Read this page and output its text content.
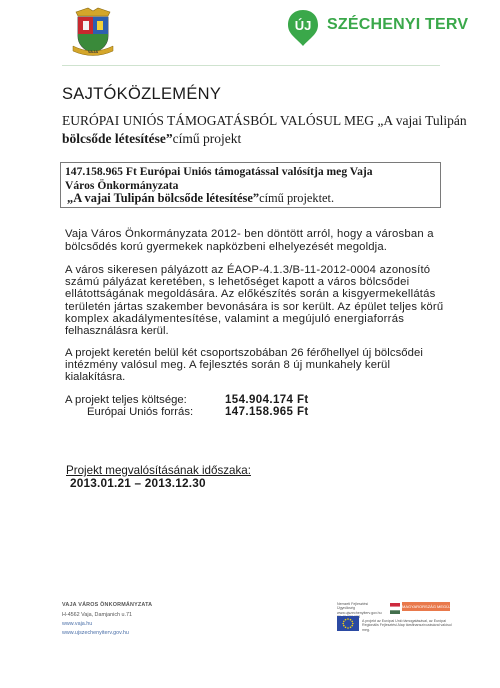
VAJA
ÚJ SZÉCHENYI TERV
SAJTÓKÖZLEMÉNY
EURÓPAI UNIÓS TÁMOGATÁSBÓL VALÓSUL MEG „A vajai Tulipán
bölcsőde létesítése”című projekt
147.158.965 Ft Európai Uniós támogatással valósítja meg Vaja
Város Önkormányzata
„A vajai Tulipán bölcsőde létesítése”című projektet.
Vaja Város Önkormányzata 2012- ben döntött arról, hogy a városban a
bölcsődés korú gyermekek napközbeni elhelyezését megoldja.
A város sikeresen pályázott az ÉAOP-4.1.3/B-11-2012-0004 azonosító
számú pályázat keretében, s lehetőséget kapott a város bölcsődei
ellátottságának megoldására. Az előkészítés során a kisgyermekellátás
területén jártas szakember bevonására is sor került. Az épület teljes körű
komplex akadálymentesítése, valamint a megújuló energiaforrás
felhasználásra kerül.
A projekt keretén belül két csoportszobában 26 férőhellyel új bölcsődei
intézmény valósul meg. A fejlesztés során 8 új munkahely kerül
kialakításra.
A projekt teljes költsége:	154.904.174 Ft
Európai Uniós forrás:	147.158.965 Ft
Projekt megvalósításának időszaka:
2013.01.21 – 2013.12.30
VAJA VÁROS ÖNKORMÁNYZATA
H-4562 Vaja, Damjanich u.71
www.vaja.hu
www.ujszechenyiterv.gov.hu
Nemzeti Fejlesztési Ügynökség www.ujszechenyiterv.gov.hu
MAGYARORSZÁG MEGÚJUL
A projekt az Európai Unió támogatásával, az Európai Regionális Fejlesztési Alap társfinanszírozásával valósul meg.
